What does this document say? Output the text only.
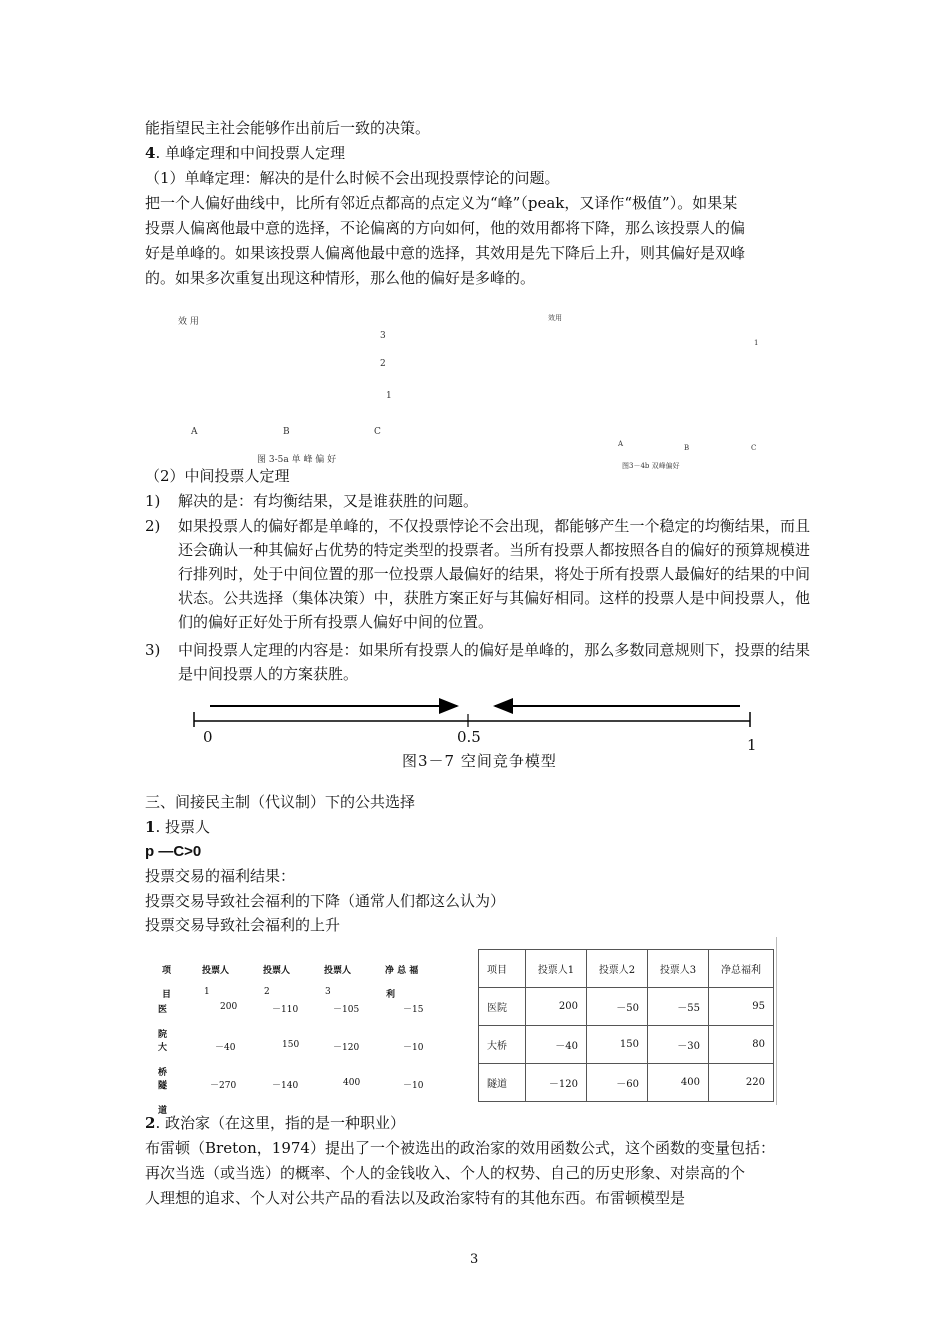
能指望民主社会能够作出前后一致的决策。
4. 单峰定理和中间投票人定理
（1）单峰定理：解决的是什么时候不会出现投票悖论的问题。
把一个人偏好曲线中，比所有邻近点都高的点定义为“峰”（peak，又译作“极值”）。如果某
投票人偏离他最中意的选择，不论偏离的方向如何，他的效用都将下降，那么该投票人的偏
好是单峰的。如果该投票人偏离他最中意的选择，其效用是先下降后上升，则其偏好是双峰
的。如果多次重复出现这种情形，那么他的偏好是多峰的。
效 用
3
2
1
A	B	C
图 3-5a 单 峰 偏 好
效用
1
A	B	C
图3－4b 双峰偏好
（2）中间投票人定理
1) 解决的是：有均衡结果，又是谁获胜的问题。
2) 如果投票人的偏好都是单峰的，不仅投票悖论不会出现，都能够产生一个稳定的均衡结果，而且还会确认一种其偏好占优势的特定类型的投票者。当所有投票人都按照各自的偏好的预算规模进行排列时，处于中间位置的那一位投票人最偏好的结果，将处于所有投票人最偏好的结果的中间状态。公共选择（集体决策）中，获胜方案正好与其偏好相同。这样的投票人是中间投票人，他们的偏好正好处于所有投票人偏好中间的位置。
3) 中间投票人定理的内容是：如果所有投票人的偏好是单峰的，那么多数同意规则下，投票的结果是中间投票人的方案获胜。
0	0.5	1
图3－7 空间竞争模型
三、间接民主制（代议制）下的公共选择
1. 投票人
p —C>0
投票交易的福利结果：
投票交易导致社会福利的下降（通常人们都这么认为）
投票交易导致社会福利的上升
项	投票人	投票人	投票人	净 总 福
目	1	2	3	利
医	200	－110	－105	－15
院
大	－40	150	－120	－10
桥
隧	－270	－140	400	－10
道
项目	投票人1	投票人2	投票人3	净总福利
医院	200	－50	－55	95
大桥	－40	150	－30	80
隧道	－120	－60	400	220
2. 政治家（在这里，指的是一种职业）
布雷顿（Breton，1974）提出了一个被选出的政治家的效用函数公式，这个函数的变量包括：
再次当选（或当选）的概率、个人的金钱收入、个人的权势、自己的历史形象、对崇高的个
人理想的追求、个人对公共产品的看法以及政治家特有的其他东西。布雷顿模型是
3
